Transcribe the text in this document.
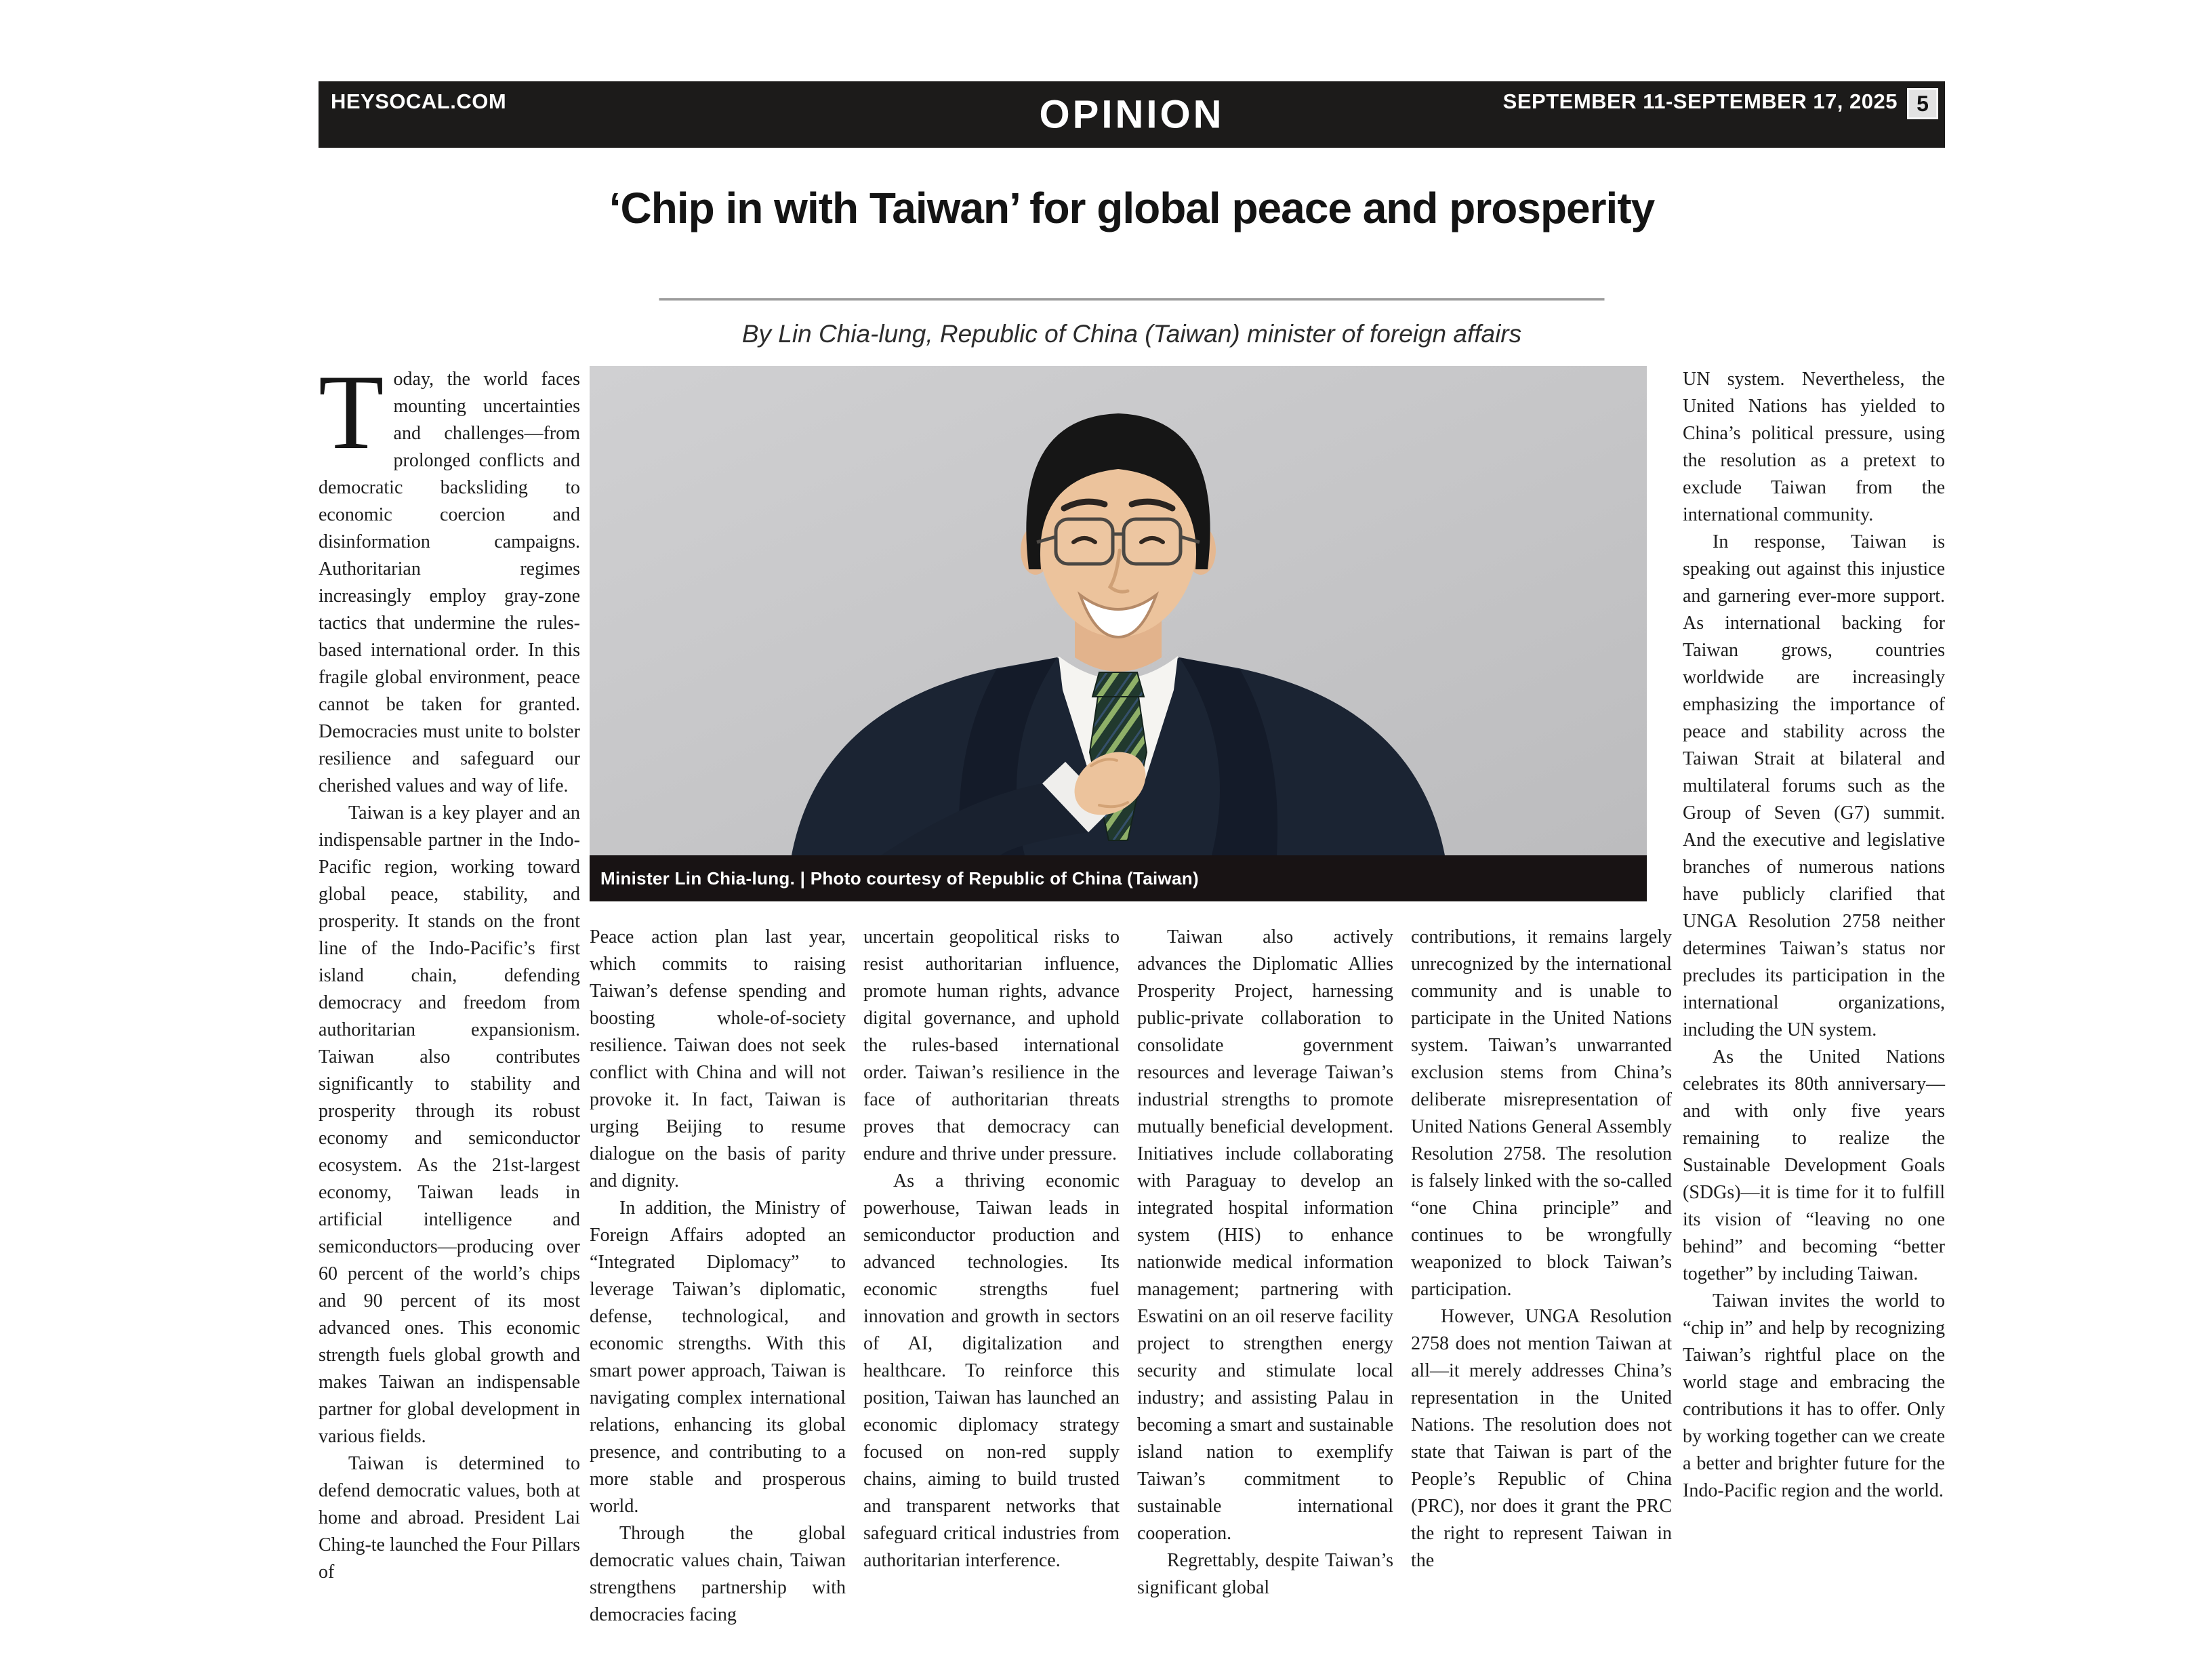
HEYSOCAL.COM	OPINION	SEPTEMBER 11-SEPTEMBER 17, 2025 5
‘Chip in with Taiwan’ for global peace and prosperity
By Lin Chia-lung, Republic of China (Taiwan) minister of foreign affairs

Today, the world faces mounting uncertainties and challenges—from prolonged conflicts and democratic backsliding to economic coercion and disinformation campaigns. Authoritarian regimes increasingly employ gray-zone tactics that undermine the rules-based international order. In this fragile global environment, peace cannot be taken for granted. Democracies must unite to bolster resilience and safeguard our cherished values and way of life.

Taiwan is a key player and an indispensable partner in the Indo-Pacific region, working toward global peace, stability, and prosperity. It stands on the front line of the Indo-Pacific’s first island chain, defending democracy and freedom from authoritarian expansionism. Taiwan also contributes significantly to stability and prosperity through its robust economy and semiconductor ecosystem. As the 21st-largest economy, Taiwan leads in artificial intelligence and semiconductors—producing over 60 percent of the world’s chips and 90 percent of its most advanced ones. This economic strength fuels global growth and makes Taiwan an indispensable partner for global development in various fields.

Taiwan is determined to defend democratic values, both at home and abroad. President Lai Ching-te launched the Four Pillars of

Minister Lin Chia-lung. | Photo courtesy of Republic of China (Taiwan)

Peace action plan last year, which commits to raising Taiwan’s defense spending and boosting whole-of-society resilience. Taiwan does not seek conflict with China and will not provoke it. In fact, Taiwan is urging Beijing to resume dialogue on the basis of parity and dignity.

In addition, the Ministry of Foreign Affairs adopted an “Integrated Diplomacy” to leverage Taiwan’s diplomatic, defense, technological, and economic strengths. With this smart power approach, Taiwan is navigating complex international relations, enhancing its global presence, and contributing to a more stable and prosperous world.

Through the global democratic values chain, Taiwan strengthens partnership with democracies facing

uncertain geopolitical risks to resist authoritarian influence, promote human rights, advance digital governance, and uphold the rules-based international order. Taiwan’s resilience in the face of authoritarian threats proves that democracy can endure and thrive under pressure.

As a thriving economic powerhouse, Taiwan leads in semiconductor production and advanced technologies. Its economic strengths fuel innovation and growth in sectors of AI, digitalization and healthcare. To reinforce this position, Taiwan has launched an economic diplomacy strategy focused on non-red supply chains, aiming to build trusted and transparent networks that safeguard critical industries from authoritarian interference.

Taiwan also actively advances the Diplomatic Allies Prosperity Project, harnessing public-private collaboration to consolidate government resources and leverage Taiwan’s industrial strengths to promote mutually beneficial development. Initiatives include collaborating with Paraguay to develop an integrated hospital information system (HIS) to enhance nationwide medical information management; partnering with Eswatini on an oil reserve facility project to strengthen energy security and stimulate local industry; and assisting Palau in becoming a smart and sustainable island nation to exemplify Taiwan’s commitment to sustainable international cooperation.

Regrettably, despite Taiwan’s significant global

contributions, it remains largely unrecognized by the international community and is unable to participate in the United Nations system. Taiwan’s unwarranted exclusion stems from China’s deliberate misrepresentation of United Nations General Assembly Resolution 2758. The resolution is falsely linked with the so-called “one China principle” and continues to be wrongfully weaponized to block Taiwan’s participation.

However, UNGA Resolution 2758 does not mention Taiwan at all—it merely addresses China’s representation in the United Nations. The resolution does not state that Taiwan is part of the People’s Republic of China (PRC), nor does it grant the PRC the right to represent Taiwan in the

UN system. Nevertheless, the United Nations has yielded to China’s political pressure, using the resolution as a pretext to exclude Taiwan from the international community.

In response, Taiwan is speaking out against this injustice and garnering ever-more support. As international backing for Taiwan grows, countries worldwide are increasingly emphasizing the importance of peace and stability across the Taiwan Strait at bilateral and multilateral forums such as the Group of Seven (G7) summit. And the executive and legislative branches of numerous nations have publicly clarified that UNGA Resolution 2758 neither determines Taiwan’s status nor precludes its participation in the international organizations, including the UN system.

As the United Nations celebrates its 80th anniversary—and with only five years remaining to realize the Sustainable Development Goals (SDGs)—it is time for it to fulfill its vision of “leaving no one behind” and becoming “better together” by including Taiwan.

Taiwan invites the world to “chip in” and help by recognizing Taiwan’s rightful place on the world stage and embracing the contributions it has to offer. Only by working together can we create a better and brighter future for the Indo-Pacific region and the world.
